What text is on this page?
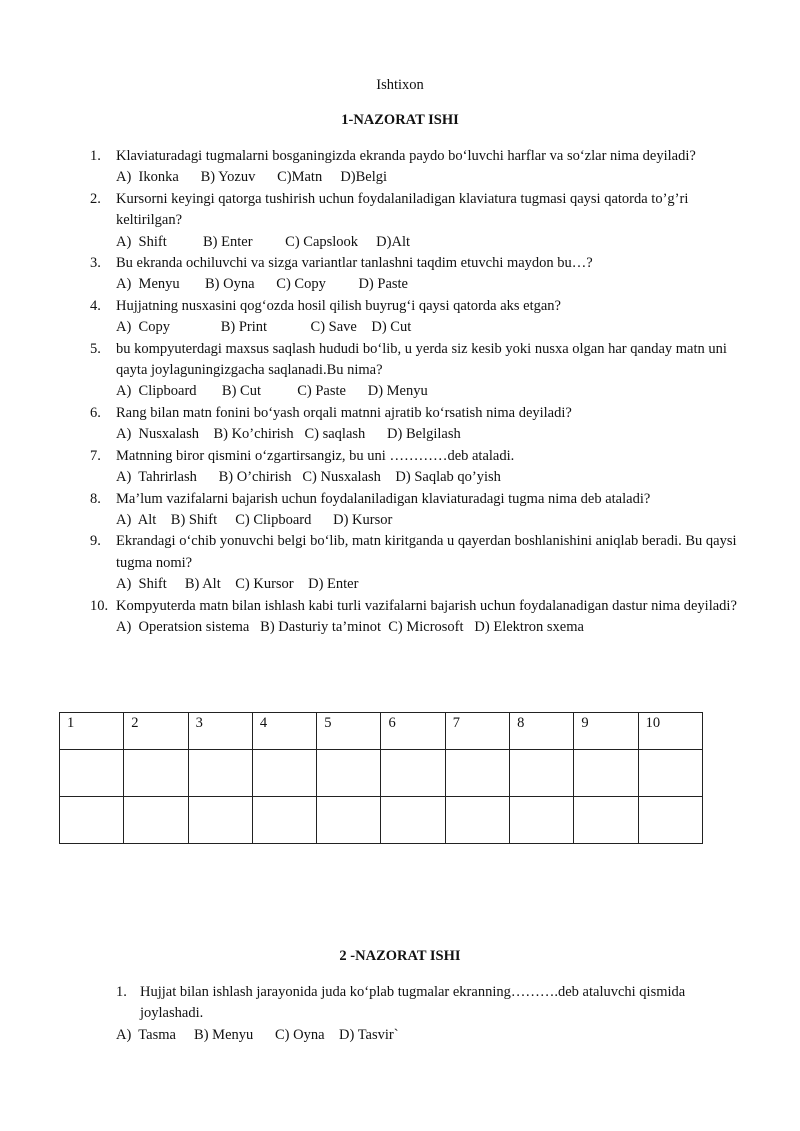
Ishtixon
1-NAZORAT ISHI
1.	Klaviaturadagi tugmalarni bosganingizda ekranda paydo bo‘luvchi harflar va so‘zlar nima deyiladi?
A)  Ikonka      B) Yozuv      C)Matn     D)Belgi
2.	Kursorni keyingi qatorga tushirish uchun foydalaniladigan klaviatura tugmasi qaysi qatorda to’g’ri keltirilgan?
A)  Shift          B) Enter         C) Capslook     D)Alt
3.	Bu ekranda ochiluvchi va sizga variantlar tanlashni taqdim etuvchi maydon bu…?
A)  Menyu       B) Oyna      C) Copy         D) Paste
4.	Hujjatning nusxasini qog‘ozda hosil qilish buyrug‘i qaysi qatorda aks etgan?
A)  Copy              B) Print            C) Save    D) Cut
5.	bu kompyuterdagi maxsus saqlash hududi bo‘lib, u yerda siz kesib yoki nusxa olgan har qanday matn uni qayta joylaguningizgacha saqlanadi.Bu nima?
A)  Clipboard       B) Cut          C) Paste      D) Menyu
6.	Rang bilan matn fonini bo‘yash orqali matnni ajratib ko‘rsatish nima deyiladi?
A)  Nusxalash    B) Ko’chirish   C) saqlash      D) Belgilash
7.	Matnning biror qismini o‘zgartirsangiz, bu uni …………deb ataladi.
A)  Tahrirlash      B) O’chirish   C) Nusxalash    D) Saqlab qo’yish
8.	Ma’lum vazifalarni bajarish uchun foydalaniladigan klaviaturadagi tugma nima deb ataladi?
A)  Alt    B) Shift     C) Clipboard      D) Kursor
9.	Ekrandagi o‘chib yonuvchi belgi bo‘lib, matn kiritganda u qayerdan boshlanishini aniqlab beradi. Bu qaysi tugma nomi?
A)  Shift     B) Alt    C) Kursor    D) Enter
10. Kompyuterda matn bilan ishlash kabi turli vazifalarni bajarish uchun foydalanadigan dastur nima deyiladi?
A)  Operatsion sistema   B) Dasturiy ta’minot  C) Microsoft   D) Elektron sxema
1	2	3	4	5	6	7	8	9	10

2 -NAZORAT ISHI
1. Hujjat bilan ishlash jarayonida juda ko‘plab tugmalar ekranning……….deb ataluvchi qismida joylashadi.
A)  Tasma     B) Menyu      C) Oyna    D) Tasvir`
